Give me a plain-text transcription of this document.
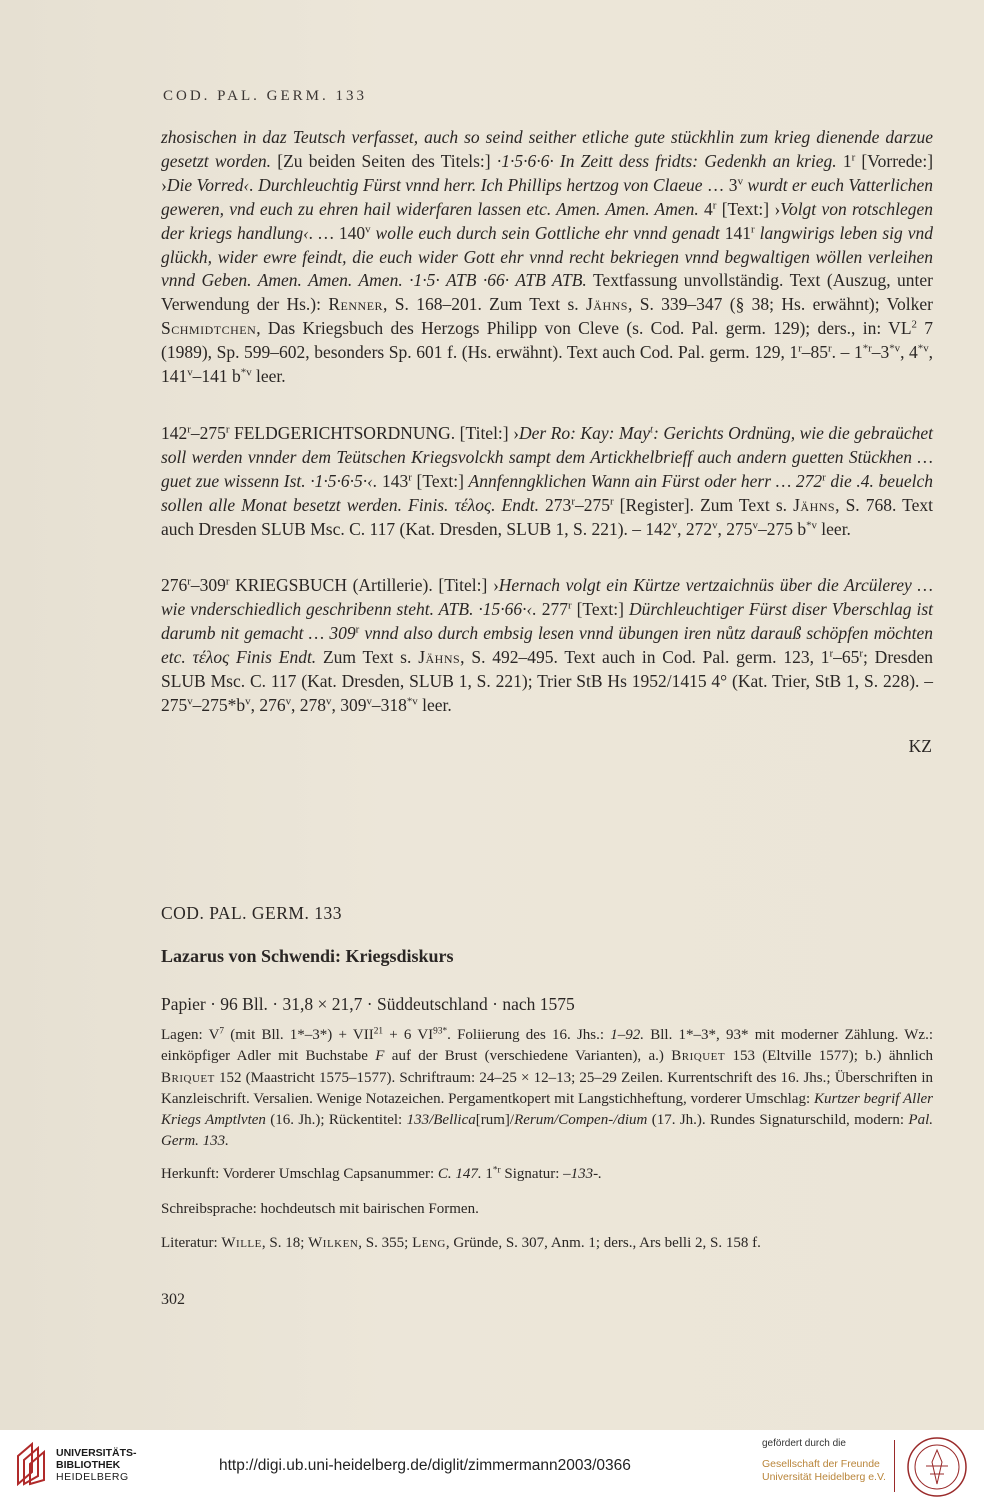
COD. PAL. GERM. 133

zhosischen in daz Teutsch verfasset, auch so seind seither etliche gute stückhlin zum krieg dienende darzue gesetzt worden. [Zu beiden Seiten des Titels:] ·1·5·6·6· In Zeitt dess fridts: Gedenkh an krieg. 1$^r$ [Vorrede:] ›Die Vorred‹. Durchleuchtig Fürst vnnd herr. Ich Phillips hertzog von Claeue … 3$^v$ wurdt er euch Vatterlichen geweren, vnd euch zu ehren hail widerfaren lassen etc. Amen. Amen. Amen. 4$^r$ [Text:] ›Volgt von rotschlegen der kriegs handlung‹. … 140$^v$ wolle euch durch sein Gottliche ehr vnnd genadt 141$^r$ langwirigs leben sig vnd glückh, wider ewre feindt, die euch wider Gott ehr vnnd recht bekriegen vnnd begwaltigen wöllen verleihen vnnd Geben. Amen. Amen. Amen. ·1·5· ATB ·66· ATB ATB. Textfassung unvollständig. Text (Auszug, unter Verwendung der Hs.): Renner, S. 168–201. Zum Text s. Jähns, S. 339–347 (§ 38; Hs. erwähnt); Volker Schmidtchen, Das Kriegsbuch des Herzogs Philipp von Cleve (s. Cod. Pal. germ. 129); ders., in: $VL^2$ 7 (1989), Sp. 599–602, besonders Sp. 601 f. (Hs. erwähnt). Text auch Cod. Pal. germ. 129, 1$^r$–85$^r$. – 1$^{*r}$–3$^{*v}$, 4$^{*v}$, 141$^v$–141 $b^{*v}$ leer.

142$^r$–275$^r$ FELDGERICHTSORDNUNG. [Titel:] ›Der Ro: Kay: May$^t$: Gerichts Ordnüng, wie die gebraüchet soll werden vnnder dem Teütschen Kriegsvolckh sampt dem Artickhelbrieff auch andern guetten Stückhen … guet zue wissenn Ist. ·1·5·6·5·‹. 143$^r$ [Text:] Annfenngklichen Wann ain Fürst oder herr … 272$^r$ die .4. beuelch sollen alle Monat besetzt werden. Finis. τέλος. Endt. 273$^r$–275$^r$ [Register]. Zum Text s. Jähns, S. 768. Text auch Dresden SLUB Msc. C. 117 (Kat. Dresden, SLUB 1, S. 221). – 142$^v$, 272$^v$, 275$^v$–275 $b^{*v}$ leer.

276$^r$–309$^r$ KRIEGSBUCH (Artillerie). [Titel:] ›Hernach volgt ein Kürtze vertzaichnüs über die Arcülerey … wie vnderschiedlich geschribenn steht. ATB. ·15·66·‹. 277$^r$ [Text:] Dürchleuchtiger Fürst diser Vberschlag ist darumb nit gemacht … 309$^r$ vnnd also durch embsig lesen vnnd übungen iren nůtz darauß schöpfen möchten etc. τέλος Finis Endt. Zum Text s. Jähns, S. 492–495. Text auch in Cod. Pal. germ. 123, 1$^r$–65$^r$; Dresden SLUB Msc. C. 117 (Kat. Dresden, SLUB 1, S. 221); Trier StB Hs 1952/1415 4° (Kat. Trier, StB 1, S. 228). – $275^v-275*b^v$, 276$^v$, 278$^v$, 309$^v$–318$^{*v}$ leer.

KZ
COD. PAL. GERM. 133
Lazarus von Schwendi: Kriegsdiskurs
Papier · 96 Bll. · 31,8 × 21,7 · Süddeutschland · nach 1575
Lagen: $V^7$ (mit Bll. $1*-3*) + VII^{21} + 6$ $VI^{93*}$. Foliierung des 16. Jhs.: 1–92. Bll. 1*–3*, 93* mit moderner Zählung. Wz.: einköpfiger Adler mit Buchstabe F auf der Brust (verschiedene Varianten), a.) Briquet 153 (Eltville 1577); b.) ähnlich Briquet 152 (Maastricht 1575–1577). Schriftraum: 24–25 × 12–13; 25–29 Zeilen. Kurrentschrift des 16. Jhs.; Überschriften in Kanzleischrift. Versalien. Wenige Notazeichen. Pergamentkopert mit Langstichheftung, vorderer Umschlag: Kurtzer begrif Aller Kriegs Amptlvten (16. Jh.); Rückentitel: 133/Bellica[rum]/Rerum/Compen-/dium (17. Jh.). Rundes Signaturschild, modern: Pal. Germ. 133.
Herkunft: Vorderer Umschlag Capsanummer: C. 147. 1$^{*r}$ Signatur: –133-.
Schreibsprache: hochdeutsch mit bairischen Formen.
Literatur: Wille, S. 18; Wilken, S. 355; Leng, Gründe, S. 307, Anm. 1; ders., Ars belli 2, S. 158 f.
302
UNIVERSITÄTS-
BIBLIOTHEK
HEIDELBERG
http://digi.ub.uni-heidelberg.de/diglit/zimmermann2003/0366
gefördert durch die
Gesellschaft der Freunde
Universität Heidelberg e.V.
